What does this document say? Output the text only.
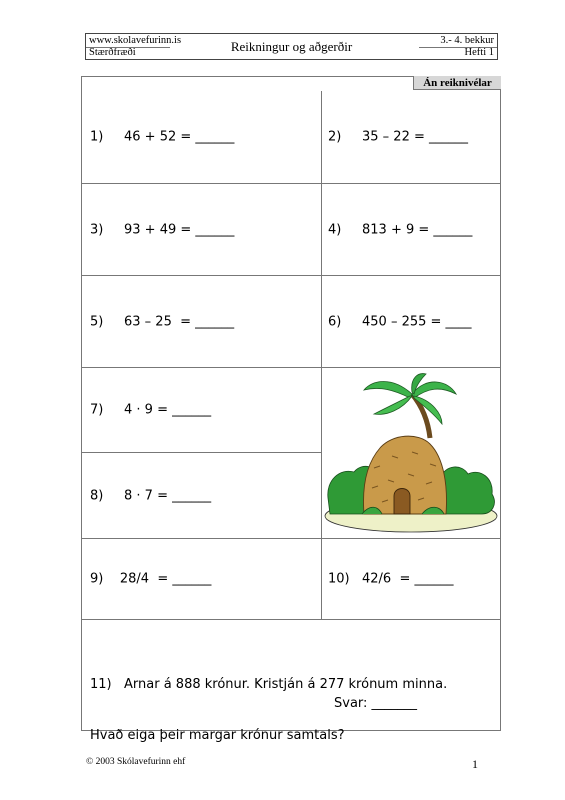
www.skolavefurinn.is
Stærðfræði	Reikningur og aðgerðir	3.- 4. bekkur
Hefti 1
Án reiknivélar
1)     46 + 52 = ______	2)     35 – 22 = ______
3)     93 + 49 = ______	4)     813 + 9 = ______
5)     63 – 25  = ______	6)     450 – 255 = ____
7)     4 · 9 = ______
8)     8 · 7 = ______
9)    28/4  = ______	10)   42/6  = ______

11)   Arnar á 888 krónur. Kristján á 277 krónum minna.

Hvað eiga þeir margar krónur samtals?

Svar: _______
© 2003 Skólavefurinn ehf	1
